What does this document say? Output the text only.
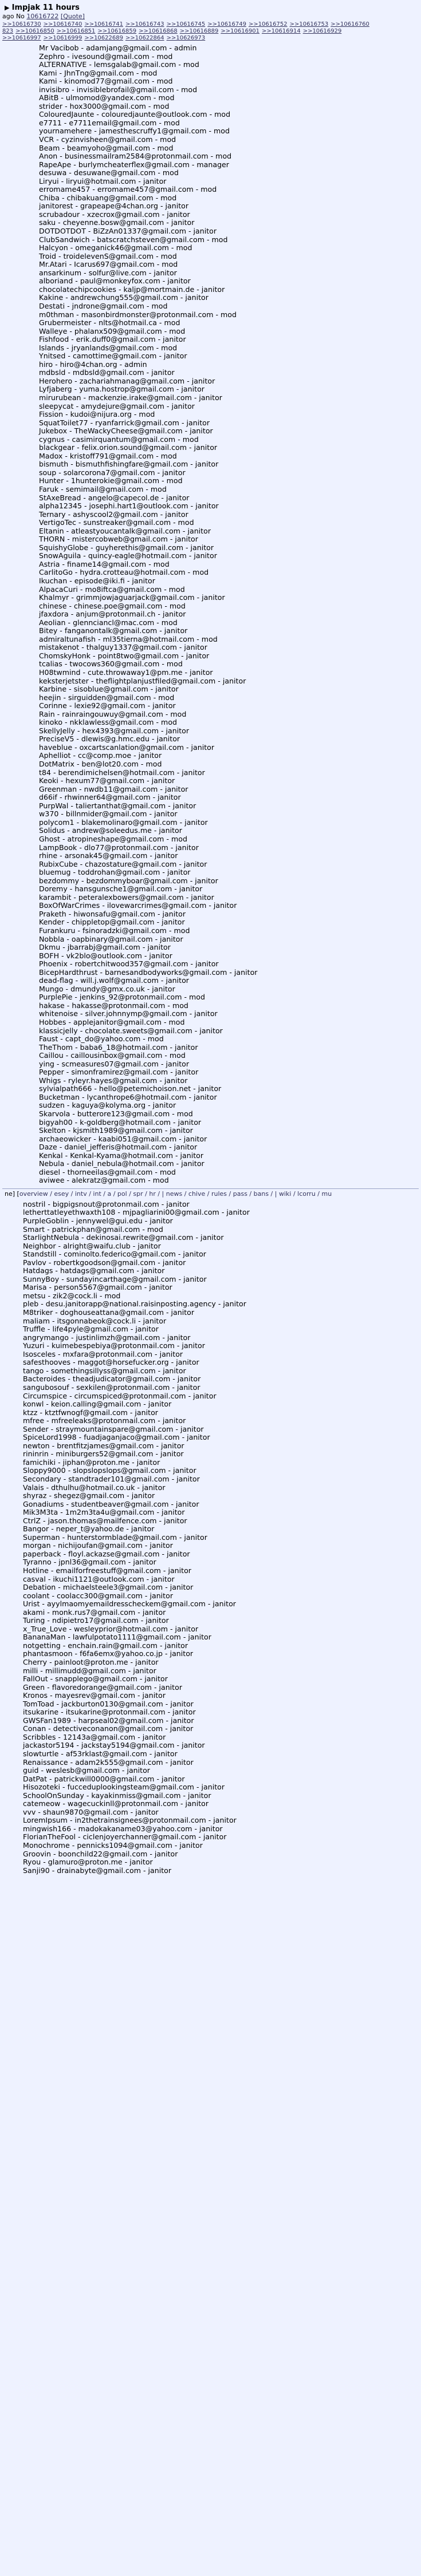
▶ Impjak 11 hours
ago No 10616722 [Quote]
>>10616730 >>10616740 >>10616741 >>10616743 >>10616745 >>10616749 >>10616752 >>10616753 >>10616760
823 >>10616850 >>10616851 >>10616859 >>10616868 >>10616889 >>10616901 >>10616914 >>10616929
>>10616997 >>10616999 >>10622689 >>10622864 >>10626973
Mr Vacibob - adamjang@gmail.com - admin
Zephro - ivesound@gmail.com - mod
ALTERNATIVE - lemsgalab@gmail.com - mod
Kami - JhnTng@gmail.com - mod
Kami - kinomod77@gmail.com - mod
invisibro - invisiblebrofail@gmail.com - mod
ABitB - ulmomod@yandex.com - mod
strider - hox3000@gmail.com - mod
ColouredJaunte - colouredjaunte@outlook.com - mod
e7711 - e7711email@gmail.com - mod
yournamehere - jamesthescruffy1@gmail.com - mod
VCR - cyzinvisheen@gmail.com - mod
Beam - beamyoho@gmail.com - mod
Anon - businessmailram2584@protonmail.com - mod
RapeApe - burlymcheaterflex@gmail.com - manager
desuwa - desuwane@gmail.com - mod
Liryui - liryui@hotmail.com - janitor
erromame457 - erromame457@gmail.com - mod
Chiba - chibakuang@gmail.com - mod
janitorest - grapeape@4chan.org - janitor
scrubadour - xzecrox@gmail.com - janitor
saku - cheyenne.bosw@gmail.com - janitor
DOTDOTDOT - BiZzAn01337@gmail.com - janitor
ClubSandwich - batscratchsteven@gmail.com - mod
Halcyon - omeganick46@gmail.com - mod
Troid - troidelevenS@gmail.com - mod
Mr.Atari - Icarus697@gmail.com - mod
ansarkinum - solfur@live.com - janitor
alboriand - paul@monkeyfox.com - janitor
chocolatechipcookies - kaljp@mortmain.de - janitor
Kakine - andrewchung555@gmail.com - janitor
Destati - jndrone@gmail.com - mod
m0thman - masonbirdmonster@protonmail.com - mod
Grubermeister - nlts@hotmail.ca - mod
Walleye - phalanx509@gmail.com - mod
Fishfood - erik.duff0@gmail.com - janitor
Islands - jryanlands@gmail.com - mod
Ynitsed - camottime@gmail.com - janitor
hiro - hiro@4chan.org - admin
mdbsld - mdbsld@gmail.com - janitor
Herohero - zachariahmanag@gmail.com - janitor
Lyfjaberg - yuma.hostrop@gmail.com - janitor
mirurubean - mackenzie.irake@gmail.com - janitor
sleepycat - amydejure@gmail.com - janitor
Fission - kudoi@nijura.org - mod
SquatToilet77 - ryanfarrick@gmail.com - janitor
Jukebox - TheWackyCheese@gmail.com - janitor
cygnus - casimirquantum@gmail.com - mod
blackgear - felix.orion.sound@gmail.com - janitor
Madox - kristoff791@gmail.com - mod
bismuth - bismuthfishingfare@gmail.com - janitor
soup - solarcorona7@gmail.com - janitor
Hunter - 1hunterokie@gmail.com - mod
Faruk - semimail@gmail.com - mod
StAxeBread - angelo@capecol.de - janitor
alpha12345 - josephi.hart1@outlook.com - janitor
Ternary - ashyscool2@gmail.com - janitor
VertigoTec - sunstreaker@gmail.com - mod
Eltanin - atleastyoucantalk@gmail.com - janitor
THORN - mistercobweb@gmail.com - janitor
SquishyGlobe - guyherethis@gmail.com - janitor
SnowAguila - quincy-eagle@hotmail.com - janitor
Astria - finame14@gmail.com - mod
CarlitoGo - hydra.crotteau@hotmail.com - mod
Ikuchan - episode@iki.fi - janitor
AlpacaCuri - mo8iftca@gmail.com - mod
Khalmyr - grimmjowjaguarjack@gmail.com - janitor
chinese - chinese.poe@gmail.com - mod
jfaxdora - anjum@protonmail.ch - janitor
Aeolian - glennciancl@mac.com - mod
Bitey - fanganontalk@gmail.com - janitor
admiraltunafish - ml35tierna@hotmail.com - mod
mistakenot - thalguy1337@gmail.com - janitor
ChomskyHonk - point8two@gmail.com - janitor
tcalias - twocows360@gmail.com - mod
H08twmind - cute.throwaway1@pm.me - janitor
keksterjetster - theflightplanjustfiled@gmail.com - janitor
Karbine - sisoblue@gmail.com - janitor
heejin - sirguidden@gmail.com - mod
Corinne - lexie92@gmail.com - janitor
Rain - rainraingouwuy@gmail.com - mod
kinoko - nkklawless@gmail.com - mod
SkellyJelly - hex4393@gmail.com - janitor
PreciseV5 - dlewis@g.hmc.edu - janitor
haveblue - oxcartscanlation@gmail.com - janitor
Aphelliot - cc@comp.moe - janitor
DotMatrix - ben@lot20.com - mod
t84 - berendimichelsen@hotmail.com - janitor
Keoki - hexum77@gmail.com - janitor
Greenman - nwdb11@gmail.com - janitor
d66if - rhwinner64@gmail.com - janitor
PurpWal - taliertanthat@gmail.com - janitor
w370 - billnmider@gmail.com - janitor
polycom1 - blakemolinaro@gmail.com - janitor
Solidus - andrew@soleedus.me - janitor
Ghost - atropineshape@gmail.com - mod
LampBook - dlo77@protonmail.com - janitor
rhine - arsonak45@gmail.com - janitor
RubixCube - chazostature@gmail.com - janitor
bluemug - toddrohan@gmail.com - janitor
bezdommy - bezdommyboar@gmail.com - janitor
Doremy - hansgunsche1@gmail.com - janitor
karambit - peteralexbowers@gmail.com - janitor
BoxOfWarCrimes - ilovewarcrimes@gmail.com - janitor
Praketh - hiwonsafu@gmail.com - janitor
Kender - chippletop@gmail.com - janitor
Furankuru - fsinoradzki@gmail.com - mod
Nobbla - oapbinary@gmail.com - janitor
Dkmu - jbarrabj@gmail.com - janitor
BOFH - vk2blo@outlook.com - janitor
Phoenix - robertchitwood357@gmail.com - janitor
BicepHardthrust - barnesandbodyworks@gmail.com - janitor
dead-flag - will.j.wolf@gmail.com - janitor
Mungo - dmundy@gmx.co.uk - janitor
PurplePie - jenkins_92@protonmail.com - mod
hakase - hakasse@protonmail.com - mod
whitenoise - silver.johnnymp@gmail.com - janitor
Hobbes - applejanitor@gmail.com - mod
klassicjelly - chocolate.sweets@gmail.com - janitor
Faust - capt_do@yahoo.com - mod
TheThom - baba6_18@hotmail.com - janitor
Caillou - caillousinbox@gmail.com - mod
ying - scmeasures07@gmail.com - janitor
Pepper - simonframirez@gmail.com - janitor
Whigs - ryleyr.hayes@gmail.com - janitor
sylvialpath666 - hello@petemichoison.net - janitor
Bucketman - lycanthrope6@hotmail.com - janitor
sudzen - kaguya@kolyma.org - janitor
Skarvola - butterore123@gmail.com - mod
bigyah00 - k-goldberg@hotmail.com - janitor
Skelton - kjsmith1989@gmail.com - janitor
archaeowicker - kaabi051@gmail.com - janitor
Daze - daniel_jefferis@hotmail.com - janitor
Kenkal - Kenkal-Kyama@hotmail.com - janitor
Nebula - daniel_nebula@hotmail.com - janitor
diesel - thorneeilas@gmail.com - mod
aviwee - alekratz@gmail.com - mod
ne] [overview / esey / intv / int / a / pol / spr / hr / | news / chive / rules / pass / bans / | wiki / lcorru / mu
nostril - bigpigsnout@protonmail.com - janitor
letherttatleyethwaxth108 - mjpagliarini00@gmail.com - janitor
PurpleGoblin - jennywel@gui.edu - janitor
Smart - patrickphan@gmail.com - mod
StarlightNebula - dekinosai.rewrite@gmail.com - janitor
Neighbor - alright@waifu.club - janitor
Standstill - cominolto.federico@gmail.com - janitor
Pavlov - robertkgoodson@gmail.com - janitor
Hatdags - hatdags@gmail.com - janitor
SunnyBoy - sundayincarthage@gmail.com - janitor
Marisa - person5567@gmail.com - janitor
metsu - zik2@cock.li - mod
pleb - desu.janitorapp@national.raisinposting.agency - janitor
M8triker - doghouseattana@gmail.com - janitor
maliam - itsgonnabeok@cock.li - janitor
Truffle - life4pyle@gmail.com - janitor
angrymango - justinlimzh@gmail.com - janitor
Yuzuri - kuimebespebiya@protonmail.com - janitor
Isosceles - mxfara@protonmail.com - janitor
safesthooves - maggot@horsefucker.org - janitor
tango - somethingsillyss@gmail.com - janitor
Bacteroides - theadjudicator@gmail.com - janitor
sangubosouf - sexkilen@protonmail.com - janitor
Circumspice - circumspiced@protonmail.com - janitor
konwl - keion.calling@gmail.com - janitor
ktzz - ktztfwnogf@gmail.com - janitor
mfree - mfreeleaks@protonmail.com - janitor
Sender - straymountainspare@gmail.com - janitor
SpiceLord1998 - fuadjaganjaco@gmail.com - janitor
newton - brentfitzjames@gmail.com - janitor
rininrin - miniburgers52@gmail.com - janitor
famichiki - jiphan@proton.me - janitor
Sloppy9000 - slopslopslops@gmail.com - janitor
Secondary - standtrader101@gmail.com - janitor
Valais - dthulhu@hotmail.co.uk - janitor
shyraz - shegez@gmail.com - janitor
Gonadiums - studentbeaver@gmail.com - janitor
Mik3M3ta - 1m2m3ta4u@gmail.com - janitor
CtrlZ - jason.thomas@mailfence.com - janitor
Bangor - neper_t@yahoo.de - janitor
Superman - hunterstormblade@gmail.com - janitor
morgan - nichijoufan@gmail.com - janitor
paperback - floyl.ackazse@gmail.com - janitor
Tyranno - jpnl36@gmail.com - janitor
Hotline - emailforfreestuff@gmail.com - janitor
casval - ikuchi1121@outlook.com - janitor
Debation - michaelsteele3@gmail.com - janitor
coolant - coolacc300@gmail.com - janitor
Urist - ayylmaomyemaildresscheckem@gmail.com - janitor
akami - monk.rus7@gmail.com - janitor
Turing - ndipietro17@gmail.com - janitor
x_True_Love - wesleyprior@hotmail.com - janitor
BananaMan - lawfulpotato1111@gmail.com - janitor
notgetting - enchain.rain@gmail.com - janitor
phantasmoon - f6fa6emx@yahoo.co.jp - janitor
Cherry - painloot@proton.me - janitor
milli - millimudd@gmail.com - janitor
FallOut - snapplego@gmail.com - janitor
Green - flavoredorange@gmail.com - janitor
Kronos - mayesrev@gmail.com - janitor
TomToad - jackburton0130@gmail.com - janitor
itsukarine - itsukarine@protonmail.com - janitor
GWSFan1989 - harpseal02@gmail.com - janitor
Conan - detectiveconanon@gmail.com - janitor
Scribbles - 12143a@gmail.com - janitor
jackastor5194 - jackstay5194@gmail.com - janitor
slowturtle - af53rklast@gmail.com - janitor
Renaissance - adam2k555@gmail.com - janitor
guid - weslesb@gmail.com - janitor
DatPat - patrickwill0000@gmail.com - janitor
Hisozoteki - fucceduplookingsteam@gmail.com - janitor
SchoolOnSunday - kayakinmiss@gmail.com - janitor
catemeow - wagecuckinll@protonmail.com - janitor
vvv - shaun9870@gmail.com - janitor
LoremIpsum - in2thetrainsignees@protonmail.com - janitor
mingwish166 - madokakaname03@yahoo.com - janitor
FlorianTheFool - ciclenjoyerchanner@gmail.com - janitor
Monochrome - pennicks1094@gmail.com - janitor
Groovin - boonchild22@gmail.com - janitor
Ryou - glamuro@proton.me - janitor
Sanji90 - drainabyte@gmail.com - janitor
